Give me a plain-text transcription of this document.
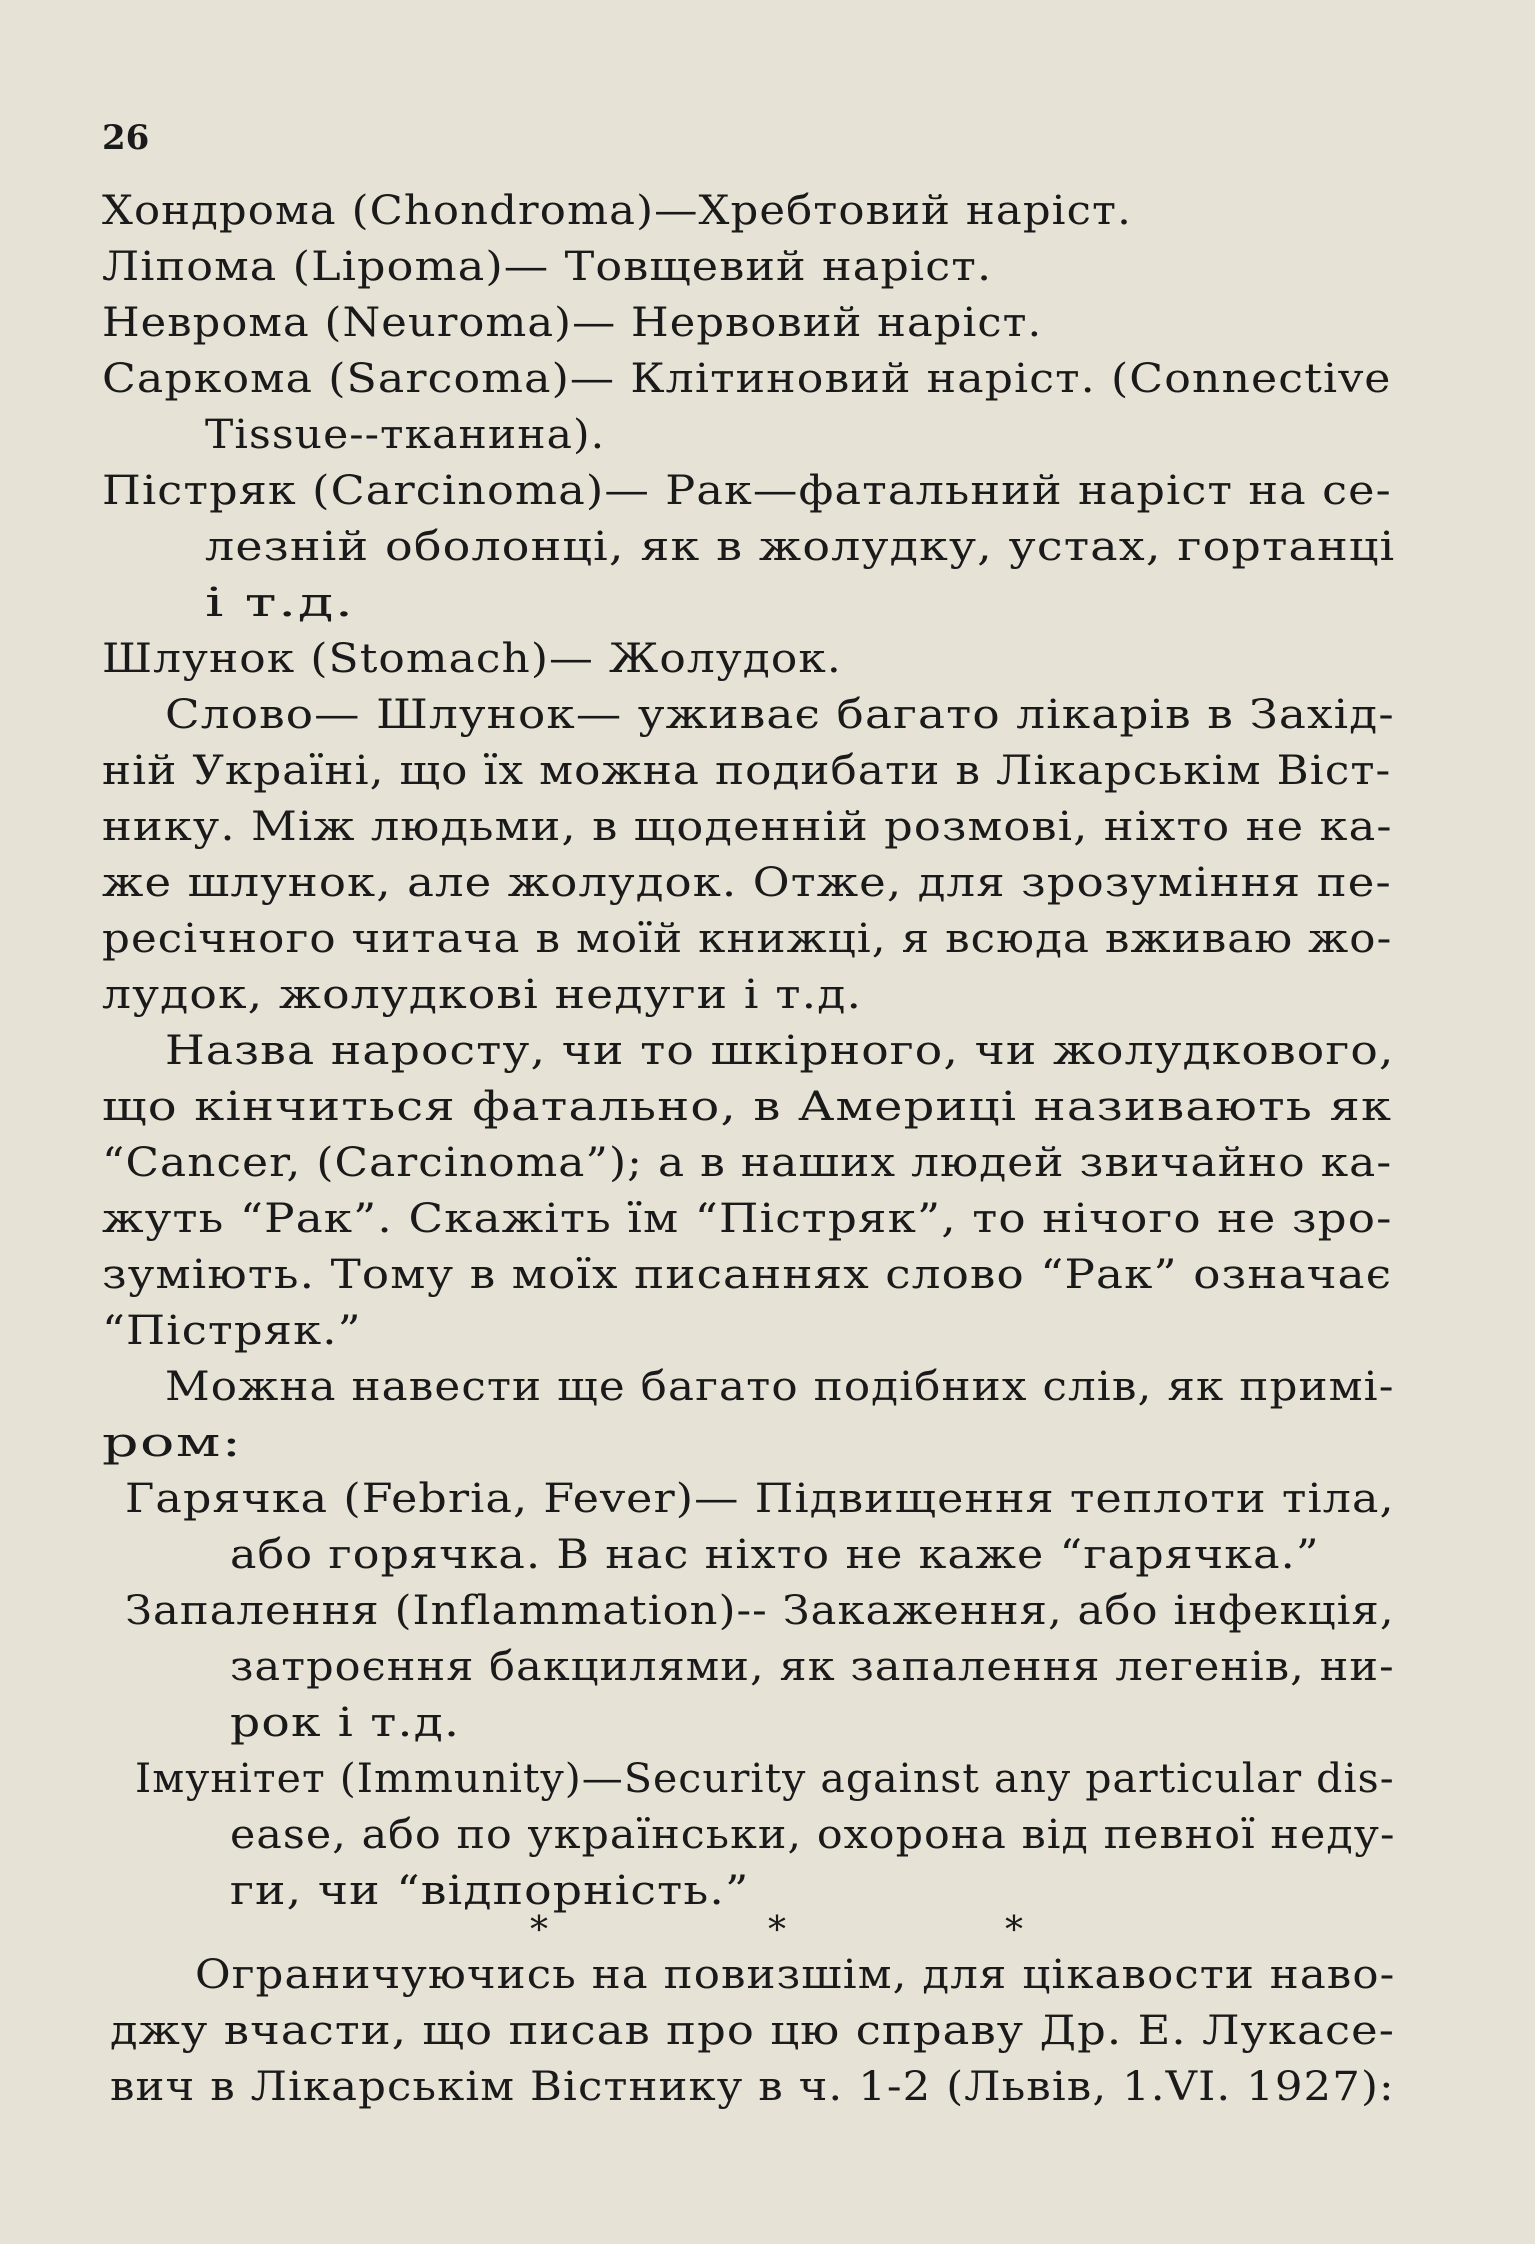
26
Хондрома (Chondroma)—Хребтовий наріст.
Ліпома (Lipoma)— Товщевий наріст.
Неврома (Neuroma)— Нервовий наріст.
Саркома (Sarcoma)— Клітиновий наріст. (Connective
Tissue--тканина).
Пістряк (Carcinoma)— Рак—фатальний наріст на се-
лезній оболонці, як в жолудку, устах, гортанці
і т.д.
Шлунок (Stomach)— Жолудок.
Слово— Шлунок— уживає багато лікарів в Захід-
ній Україні, що їх можна подибати в Лікарськім Віст-
нику. Між людьми, в щоденній розмові, ніхто не ка-
же шлунок, але жолудок. Отже, для зрозуміння пе-
ресічного читача в моїй книжці, я всюда вживаю жо-
лудок, жолудкові недуги і т.д.
Назва наросту, чи то шкірного, чи жолудкового,
що кінчиться фатально, в Америці називають як
“Cancer, (Carcinoma”); а в наших людей звичайно ка-
жуть “Рак”. Скажіть їм “Пістряк”, то нічого не зро-
зуміють. Тому в моїх писаннях слово “Рак” означає
“Пістряк.”
Можна навести ще багато подібних слів, як примі-
ром:
Гарячка (Febria, Fever)— Підвищення теплоти тіла,
або горячка. В нас ніхто не каже “гарячка.”
Запалення (Inflammation)-- Закаження, або інфекція,
затроєння бакцилями, як запалення легенів, ни-
рок і т.д.
Імунітет (Immunity)—Security against any particular dis-
ease, або по українськи, охорона від певної неду-
ги, чи “відпорність.”
*	*	*
Ограничуючись на повизшім, для цікавости наво-
джу вчасти, що писав про цю справу Др. Е. Лукасе-
вич в Лікарськім Вістнику в ч. 1-2 (Львів, 1.VI. 1927):
